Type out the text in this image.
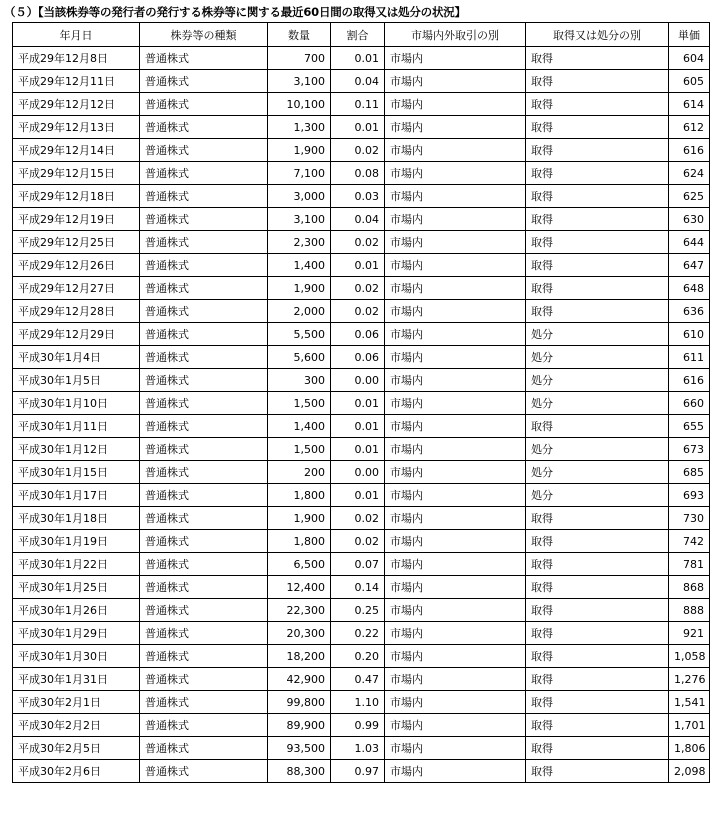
（５）【当該株券等の発行者の発行する株券等に関する最近60日間の取得又は処分の状況】
年月日	株券等の種類	数量	割合	市場内外取引の別	取得又は処分の別	単価
平成29年12月8日	普通株式	700	0.01	市場内	取得	604
平成29年12月11日	普通株式	3,100	0.04	市場内	取得	605
平成29年12月12日	普通株式	10,100	0.11	市場内	取得	614
平成29年12月13日	普通株式	1,300	0.01	市場内	取得	612
平成29年12月14日	普通株式	1,900	0.02	市場内	取得	616
平成29年12月15日	普通株式	7,100	0.08	市場内	取得	624
平成29年12月18日	普通株式	3,000	0.03	市場内	取得	625
平成29年12月19日	普通株式	3,100	0.04	市場内	取得	630
平成29年12月25日	普通株式	2,300	0.02	市場内	取得	644
平成29年12月26日	普通株式	1,400	0.01	市場内	取得	647
平成29年12月27日	普通株式	1,900	0.02	市場内	取得	648
平成29年12月28日	普通株式	2,000	0.02	市場内	取得	636
平成29年12月29日	普通株式	5,500	0.06	市場内	処分	610
平成30年1月4日	普通株式	5,600	0.06	市場内	処分	611
平成30年1月5日	普通株式	300	0.00	市場内	処分	616
平成30年1月10日	普通株式	1,500	0.01	市場内	処分	660
平成30年1月11日	普通株式	1,400	0.01	市場内	取得	655
平成30年1月12日	普通株式	1,500	0.01	市場内	処分	673
平成30年1月15日	普通株式	200	0.00	市場内	処分	685
平成30年1月17日	普通株式	1,800	0.01	市場内	処分	693
平成30年1月18日	普通株式	1,900	0.02	市場内	取得	730
平成30年1月19日	普通株式	1,800	0.02	市場内	取得	742
平成30年1月22日	普通株式	6,500	0.07	市場内	取得	781
平成30年1月25日	普通株式	12,400	0.14	市場内	取得	868
平成30年1月26日	普通株式	22,300	0.25	市場内	取得	888
平成30年1月29日	普通株式	20,300	0.22	市場内	取得	921
平成30年1月30日	普通株式	18,200	0.20	市場内	取得	1,058
平成30年1月31日	普通株式	42,900	0.47	市場内	取得	1,276
平成30年2月1日	普通株式	99,800	1.10	市場内	取得	1,541
平成30年2月2日	普通株式	89,900	0.99	市場内	取得	1,701
平成30年2月5日	普通株式	93,500	1.03	市場内	取得	1,806
平成30年2月6日	普通株式	88,300	0.97	市場内	取得	2,098
